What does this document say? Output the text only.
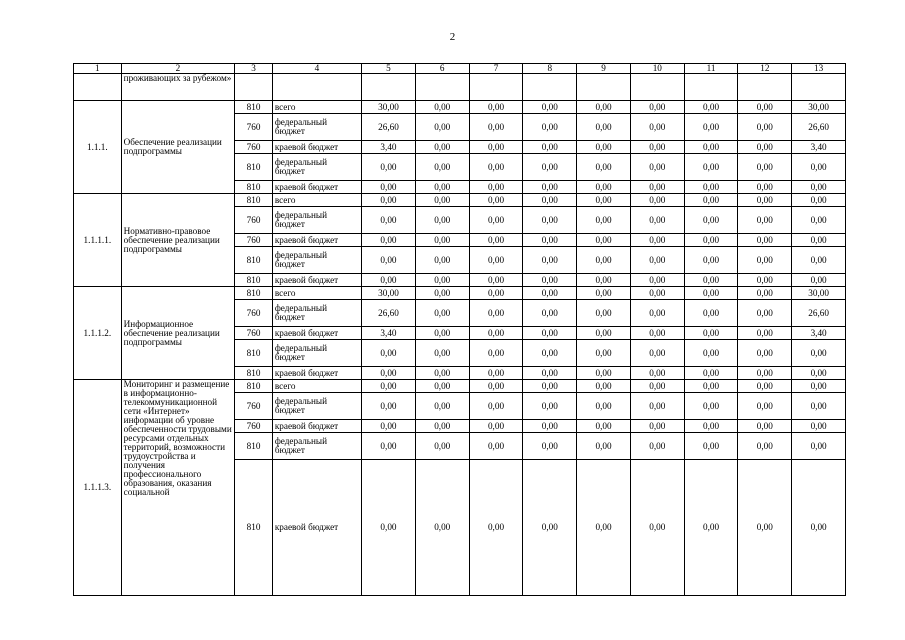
2
1	2	3	4	5	6	7	8	9	10	11	12	13
	проживающих за рубежом»											
1.1.1.	Обеспечение реализации подпрограммы	810	всего	30,00	0,00	0,00	0,00	0,00	0,00	0,00	0,00	30,00
		760	федеральный бюджет	26,60	0,00	0,00	0,00	0,00	0,00	0,00	0,00	26,60
		760	краевой бюджет	3,40	0,00	0,00	0,00	0,00	0,00	0,00	0,00	3,40
		810	федеральный бюджет	0,00	0,00	0,00	0,00	0,00	0,00	0,00	0,00	0,00
		810	краевой бюджет	0,00	0,00	0,00	0,00	0,00	0,00	0,00	0,00	0,00
1.1.1.1.	Нормативно-правовое обеспечение реализации подпрограммы	810	всего	0,00	0,00	0,00	0,00	0,00	0,00	0,00	0,00	0,00
		760	федеральный бюджет	0,00	0,00	0,00	0,00	0,00	0,00	0,00	0,00	0,00
		760	краевой бюджет	0,00	0,00	0,00	0,00	0,00	0,00	0,00	0,00	0,00
		810	федеральный бюджет	0,00	0,00	0,00	0,00	0,00	0,00	0,00	0,00	0,00
		810	краевой бюджет	0,00	0,00	0,00	0,00	0,00	0,00	0,00	0,00	0,00
1.1.1.2.	Информационное обеспечение реализации подпрограммы	810	всего	30,00	0,00	0,00	0,00	0,00	0,00	0,00	0,00	30,00
		760	федеральный бюджет	26,60	0,00	0,00	0,00	0,00	0,00	0,00	0,00	26,60
		760	краевой бюджет	3,40	0,00	0,00	0,00	0,00	0,00	0,00	0,00	3,40
		810	федеральный бюджет	0,00	0,00	0,00	0,00	0,00	0,00	0,00	0,00	0,00
		810	краевой бюджет	0,00	0,00	0,00	0,00	0,00	0,00	0,00	0,00	0,00
1.1.1.3.	Мониторинг и размещение в информационно-телекоммуникационной сети «Интернет» информации об уровне обеспеченности трудовыми ресурсами отдельных территорий, возможности трудоустройства и получения профессионального образования, оказания социальной	810	всего	0,00	0,00	0,00	0,00	0,00	0,00	0,00	0,00	0,00
		760	федеральный бюджет	0,00	0,00	0,00	0,00	0,00	0,00	0,00	0,00	0,00
		760	краевой бюджет	0,00	0,00	0,00	0,00	0,00	0,00	0,00	0,00	0,00
		810	федеральный бюджет	0,00	0,00	0,00	0,00	0,00	0,00	0,00	0,00	0,00
		810	краевой бюджет	0,00	0,00	0,00	0,00	0,00	0,00	0,00	0,00	0,00
